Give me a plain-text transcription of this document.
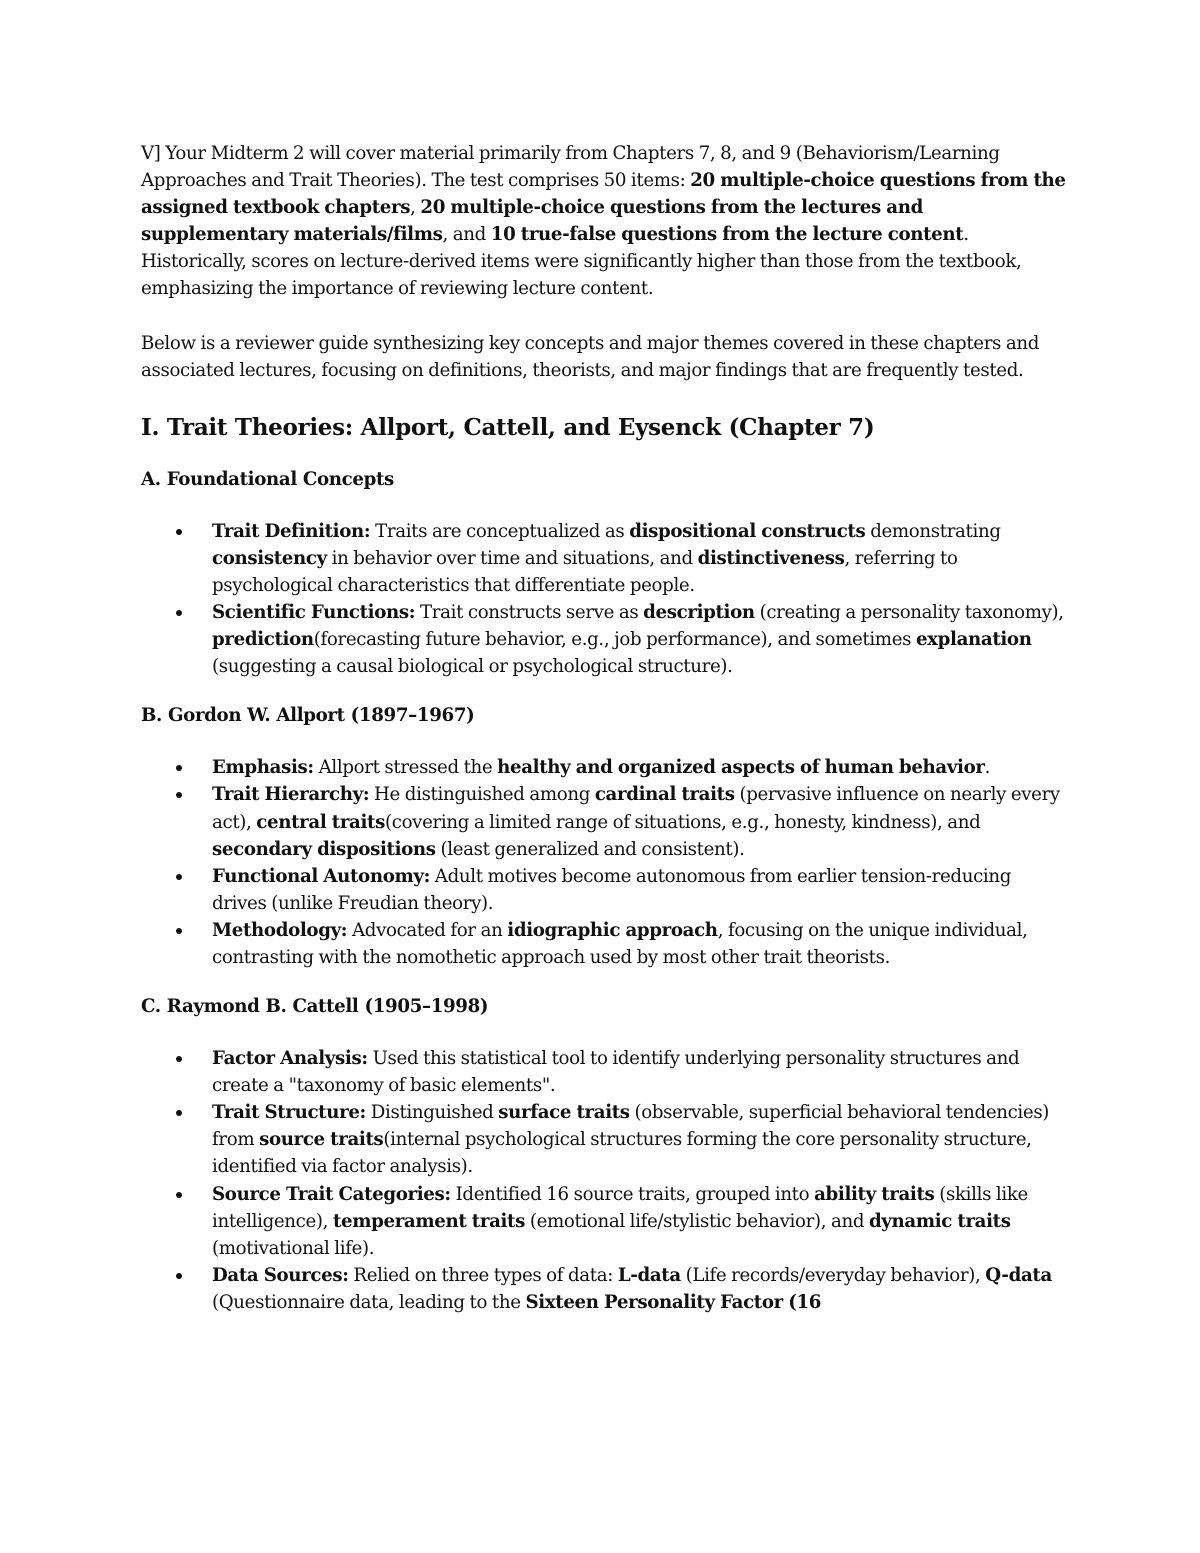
V] Your Midterm 2 will cover material primarily from Chapters 7, 8, and 9 (Behaviorism/Learning Approaches and Trait Theories). The test comprises 50 items: 20 multiple-choice questions from the assigned textbook chapters, 20 multiple-choice questions from the lectures and supplementary materials/films, and 10 true-false questions from the lecture content. Historically, scores on lecture-derived items were significantly higher than those from the textbook, emphasizing the importance of reviewing lecture content.

Below is a reviewer guide synthesizing key concepts and major themes covered in these chapters and associated lectures, focusing on definitions, theorists, and major findings that are frequently tested.

I. Trait Theories: Allport, Cattell, and Eysenck (Chapter 7)
A. Foundational Concepts
Trait Definition: Traits are conceptualized as dispositional constructs demonstrating consistency in behavior over time and situations, and distinctiveness, referring to psychological characteristics that differentiate people.
Scientific Functions: Trait constructs serve as description (creating a personality taxonomy), prediction(forecasting future behavior, e.g., job performance), and sometimes explanation (suggesting a causal biological or psychological structure).
B. Gordon W. Allport (1897–1967)
Emphasis: Allport stressed the healthy and organized aspects of human behavior.
Trait Hierarchy: He distinguished among cardinal traits (pervasive influence on nearly every act), central traits(covering a limited range of situations, e.g., honesty, kindness), and secondary dispositions (least generalized and consistent).
Functional Autonomy: Adult motives become autonomous from earlier tension-reducing drives (unlike Freudian theory).
Methodology: Advocated for an idiographic approach, focusing on the unique individual, contrasting with the nomothetic approach used by most other trait theorists.
C. Raymond B. Cattell (1905–1998)
Factor Analysis: Used this statistical tool to identify underlying personality structures and create a "taxonomy of basic elements".
Trait Structure: Distinguished surface traits (observable, superficial behavioral tendencies) from source traits(internal psychological structures forming the core personality structure, identified via factor analysis).
Source Trait Categories: Identified 16 source traits, grouped into ability traits (skills like intelligence), temperament traits (emotional life/stylistic behavior), and dynamic traits (motivational life).
Data Sources: Relied on three types of data: L-data (Life records/everyday behavior), Q-data (Questionnaire data, leading to the Sixteen Personality Factor (16
